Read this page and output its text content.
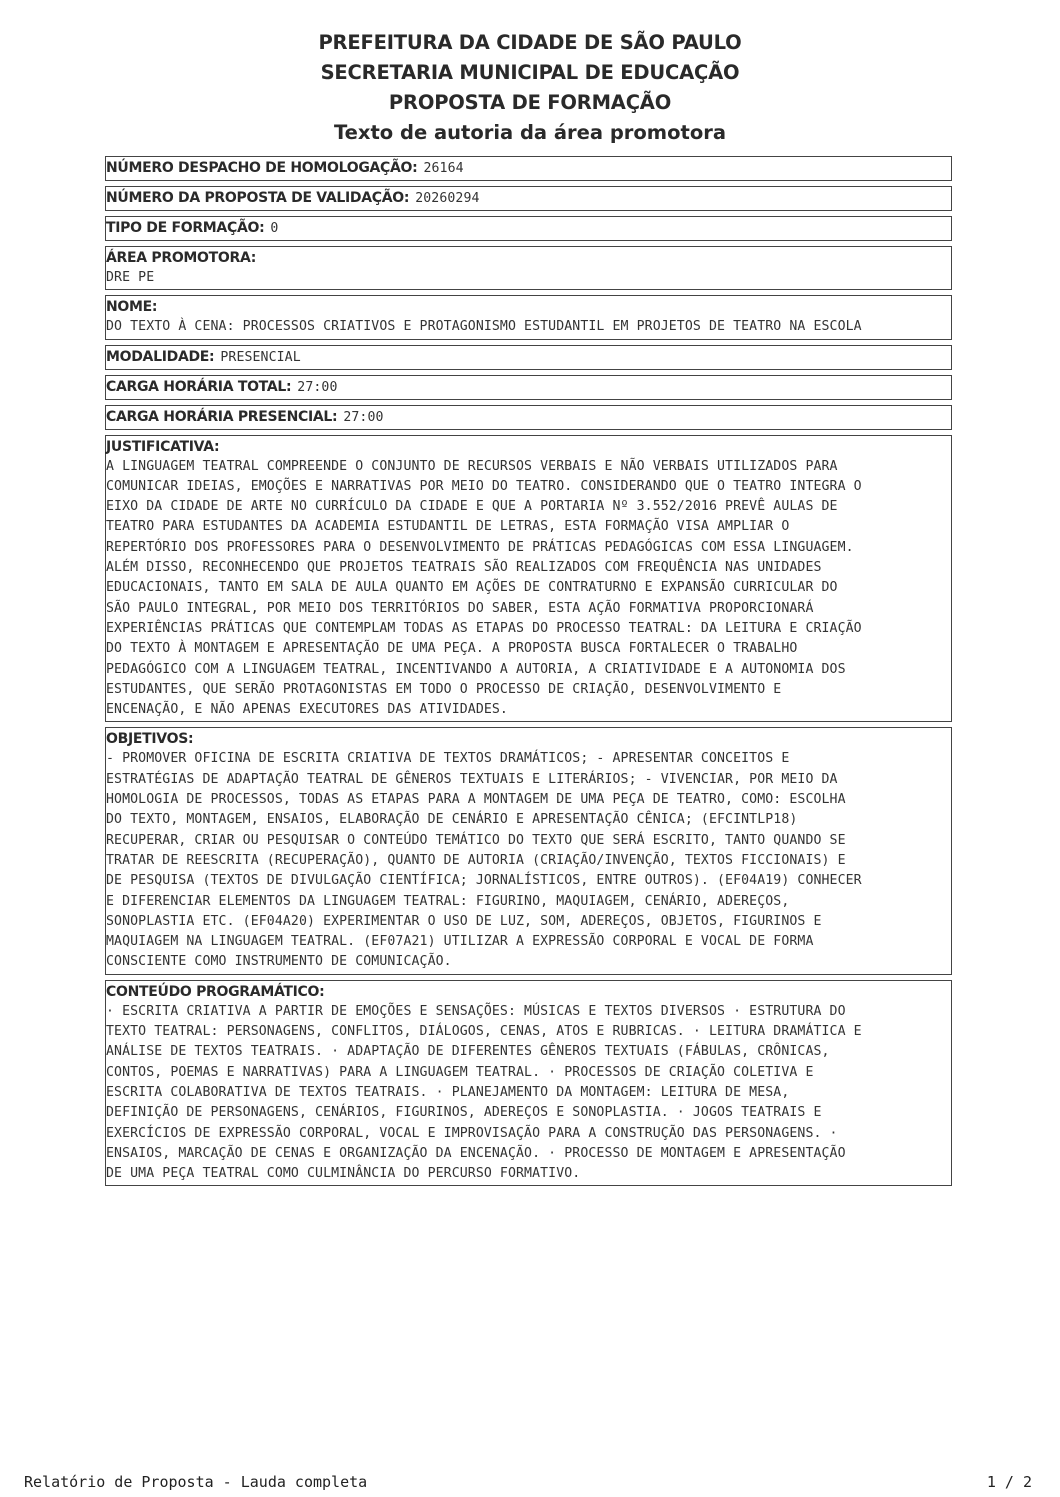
PREFEITURA DA CIDADE DE SÃO PAULO
SECRETARIA MUNICIPAL DE EDUCAÇÃO
PROPOSTA DE FORMAÇÃO
Texto de autoria da área promotora
NÚMERO DESPACHO DE HOMOLOGAÇÃO: 26164
NÚMERO DA PROPOSTA DE VALIDAÇÃO: 20260294
TIPO DE FORMAÇÃO: 0
ÁREA PROMOTORA:
DRE PE
NOME:
DO TEXTO À CENA: PROCESSOS CRIATIVOS E PROTAGONISMO ESTUDANTIL EM PROJETOS DE TEATRO NA ESCOLA
MODALIDADE: PRESENCIAL
CARGA HORÁRIA TOTAL: 27:00
CARGA HORÁRIA PRESENCIAL: 27:00
JUSTIFICATIVA:
A LINGUAGEM TEATRAL COMPREENDE O CONJUNTO DE RECURSOS VERBAIS E NÃO VERBAIS UTILIZADOS PARA
COMUNICAR IDEIAS, EMOÇÕES E NARRATIVAS POR MEIO DO TEATRO. CONSIDERANDO QUE O TEATRO INTEGRA O
EIXO DA CIDADE DE ARTE NO CURRÍCULO DA CIDADE E QUE A PORTARIA Nº 3.552/2016 PREVÊ AULAS DE
TEATRO PARA ESTUDANTES DA ACADEMIA ESTUDANTIL DE LETRAS, ESTA FORMAÇÃO VISA AMPLIAR O
REPERTÓRIO DOS PROFESSORES PARA O DESENVOLVIMENTO DE PRÁTICAS PEDAGÓGICAS COM ESSA LINGUAGEM.
ALÉM DISSO, RECONHECENDO QUE PROJETOS TEATRAIS SÃO REALIZADOS COM FREQUÊNCIA NAS UNIDADES
EDUCACIONAIS, TANTO EM SALA DE AULA QUANTO EM AÇÕES DE CONTRATURNO E EXPANSÃO CURRICULAR DO
SÃO PAULO INTEGRAL, POR MEIO DOS TERRITÓRIOS DO SABER, ESTA AÇÃO FORMATIVA PROPORCIONARÁ
EXPERIÊNCIAS PRÁTICAS QUE CONTEMPLAM TODAS AS ETAPAS DO PROCESSO TEATRAL: DA LEITURA E CRIAÇÃO
DO TEXTO À MONTAGEM E APRESENTAÇÃO DE UMA PEÇA. A PROPOSTA BUSCA FORTALECER O TRABALHO
PEDAGÓGICO COM A LINGUAGEM TEATRAL, INCENTIVANDO A AUTORIA, A CRIATIVIDADE E A AUTONOMIA DOS
ESTUDANTES, QUE SERÃO PROTAGONISTAS EM TODO O PROCESSO DE CRIAÇÃO, DESENVOLVIMENTO E
ENCENAÇÃO, E NÃO APENAS EXECUTORES DAS ATIVIDADES.
OBJETIVOS:
- PROMOVER OFICINA DE ESCRITA CRIATIVA DE TEXTOS DRAMÁTICOS; - APRESENTAR CONCEITOS E
ESTRATÉGIAS DE ADAPTAÇÃO TEATRAL DE GÊNEROS TEXTUAIS E LITERÁRIOS; - VIVENCIAR, POR MEIO DA
HOMOLOGIA DE PROCESSOS, TODAS AS ETAPAS PARA A MONTAGEM DE UMA PEÇA DE TEATRO, COMO: ESCOLHA
DO TEXTO, MONTAGEM, ENSAIOS, ELABORAÇÃO DE CENÁRIO E APRESENTAÇÃO CÊNICA; (EFCINTLP18)
RECUPERAR, CRIAR OU PESQUISAR O CONTEÚDO TEMÁTICO DO TEXTO QUE SERÁ ESCRITO, TANTO QUANDO SE
TRATAR DE REESCRITA (RECUPERAÇÃO), QUANTO DE AUTORIA (CRIAÇÃO/INVENÇÃO, TEXTOS FICCIONAIS) E
DE PESQUISA (TEXTOS DE DIVULGAÇÃO CIENTÍFICA; JORNALÍSTICOS, ENTRE OUTROS). (EF04A19) CONHECER
E DIFERENCIAR ELEMENTOS DA LINGUAGEM TEATRAL: FIGURINO, MAQUIAGEM, CENÁRIO, ADEREÇOS,
SONOPLASTIA ETC. (EF04A20) EXPERIMENTAR O USO DE LUZ, SOM, ADEREÇOS, OBJETOS, FIGURINOS E
MAQUIAGEM NA LINGUAGEM TEATRAL. (EF07A21) UTILIZAR A EXPRESSÃO CORPORAL E VOCAL DE FORMA
CONSCIENTE COMO INSTRUMENTO DE COMUNICAÇÃO.
CONTEÚDO PROGRAMÁTICO:
· ESCRITA CRIATIVA A PARTIR DE EMOÇÕES E SENSAÇÕES: MÚSICAS E TEXTOS DIVERSOS · ESTRUTURA DO
TEXTO TEATRAL: PERSONAGENS, CONFLITOS, DIÁLOGOS, CENAS, ATOS E RUBRICAS. · LEITURA DRAMÁTICA E
ANÁLISE DE TEXTOS TEATRAIS. · ADAPTAÇÃO DE DIFERENTES GÊNEROS TEXTUAIS (FÁBULAS, CRÔNICAS,
CONTOS, POEMAS E NARRATIVAS) PARA A LINGUAGEM TEATRAL. · PROCESSOS DE CRIAÇÃO COLETIVA E
ESCRITA COLABORATIVA DE TEXTOS TEATRAIS. · PLANEJAMENTO DA MONTAGEM: LEITURA DE MESA,
DEFINIÇÃO DE PERSONAGENS, CENÁRIOS, FIGURINOS, ADEREÇOS E SONOPLASTIA. · JOGOS TEATRAIS E
EXERCÍCIOS DE EXPRESSÃO CORPORAL, VOCAL E IMPROVISAÇÃO PARA A CONSTRUÇÃO DAS PERSONAGENS. ·
ENSAIOS, MARCAÇÃO DE CENAS E ORGANIZAÇÃO DA ENCENAÇÃO. · PROCESSO DE MONTAGEM E APRESENTAÇÃO
DE UMA PEÇA TEATRAL COMO CULMINÂNCIA DO PERCURSO FORMATIVO.
Relatório de Proposta - Lauda completa	1 / 2
